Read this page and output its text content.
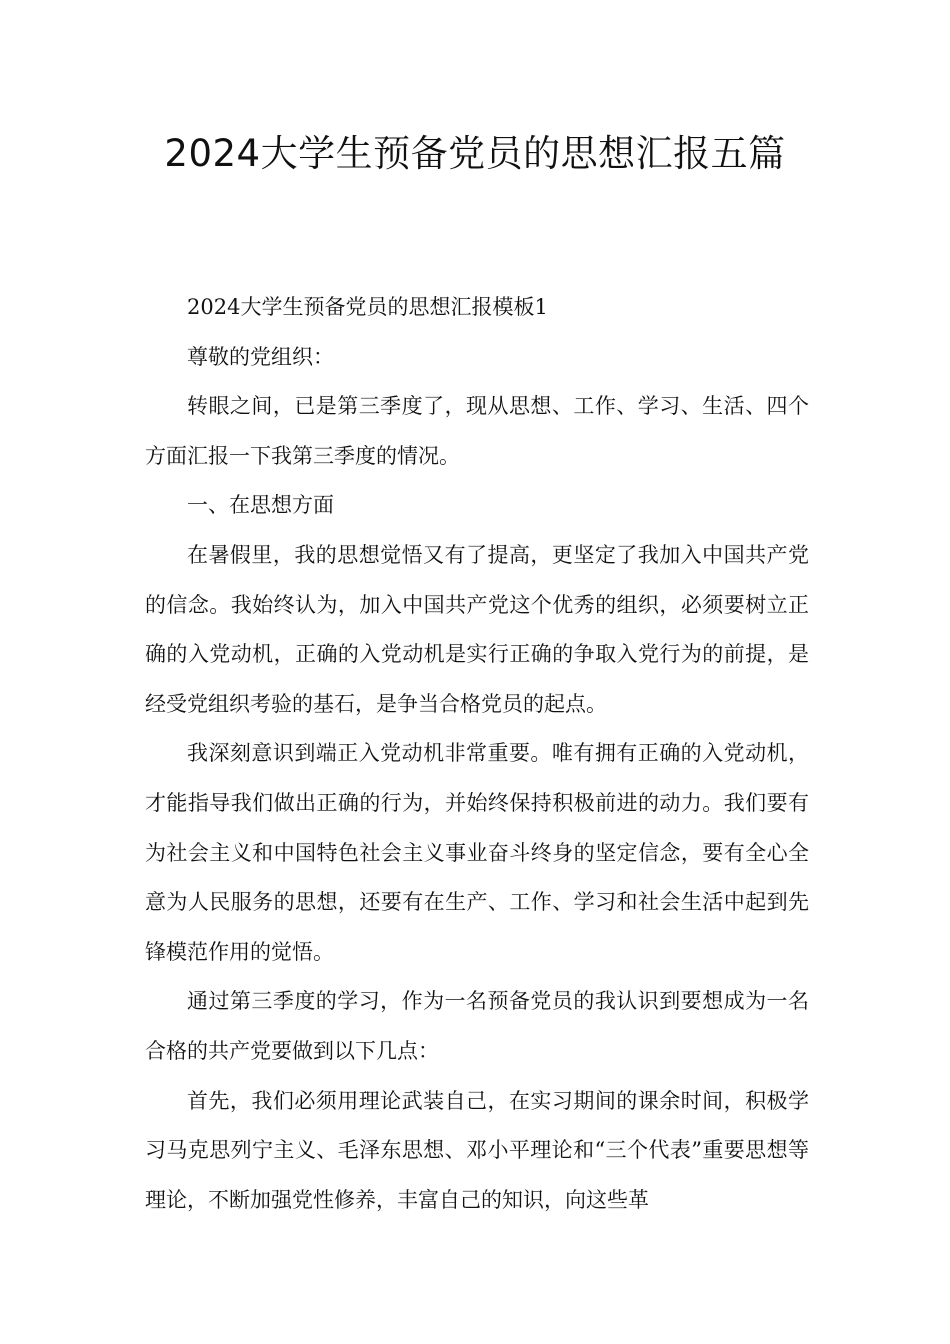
2024大学生预备党员的思想汇报五篇

2024大学生预备党员的思想汇报模板1

尊敬的党组织：

转眼之间，已是第三季度了，现从思想、工作、学习、生活、四个方面汇报一下我第三季度的情况。

一、在思想方面

在暑假里，我的思想觉悟又有了提高，更坚定了我加入中国共产党的信念。我始终认为，加入中国共产党这个优秀的组织，必须要树立正确的入党动机，正确的入党动机是实行正确的争取入党行为的前提，是经受党组织考验的基石，是争当合格党员的起点。

我深刻意识到端正入党动机非常重要。唯有拥有正确的入党动机，才能指导我们做出正确的行为，并始终保持积极前进的动力。我们要有为社会主义和中国特色社会主义事业奋斗终身的坚定信念，要有全心全意为人民服务的思想，还要有在生产、工作、学习和社会生活中起到先锋模范作用的觉悟。

通过第三季度的学习，作为一名预备党员的我认识到要想成为一名合格的共产党要做到以下几点：

首先，我们必须用理论武装自己，在实习期间的课余时间，积极学习马克思列宁主义、毛泽东思想、邓小平理论和“三个代表”重要思想等理论，不断加强党性修养，丰富自己的知识，向这些革
